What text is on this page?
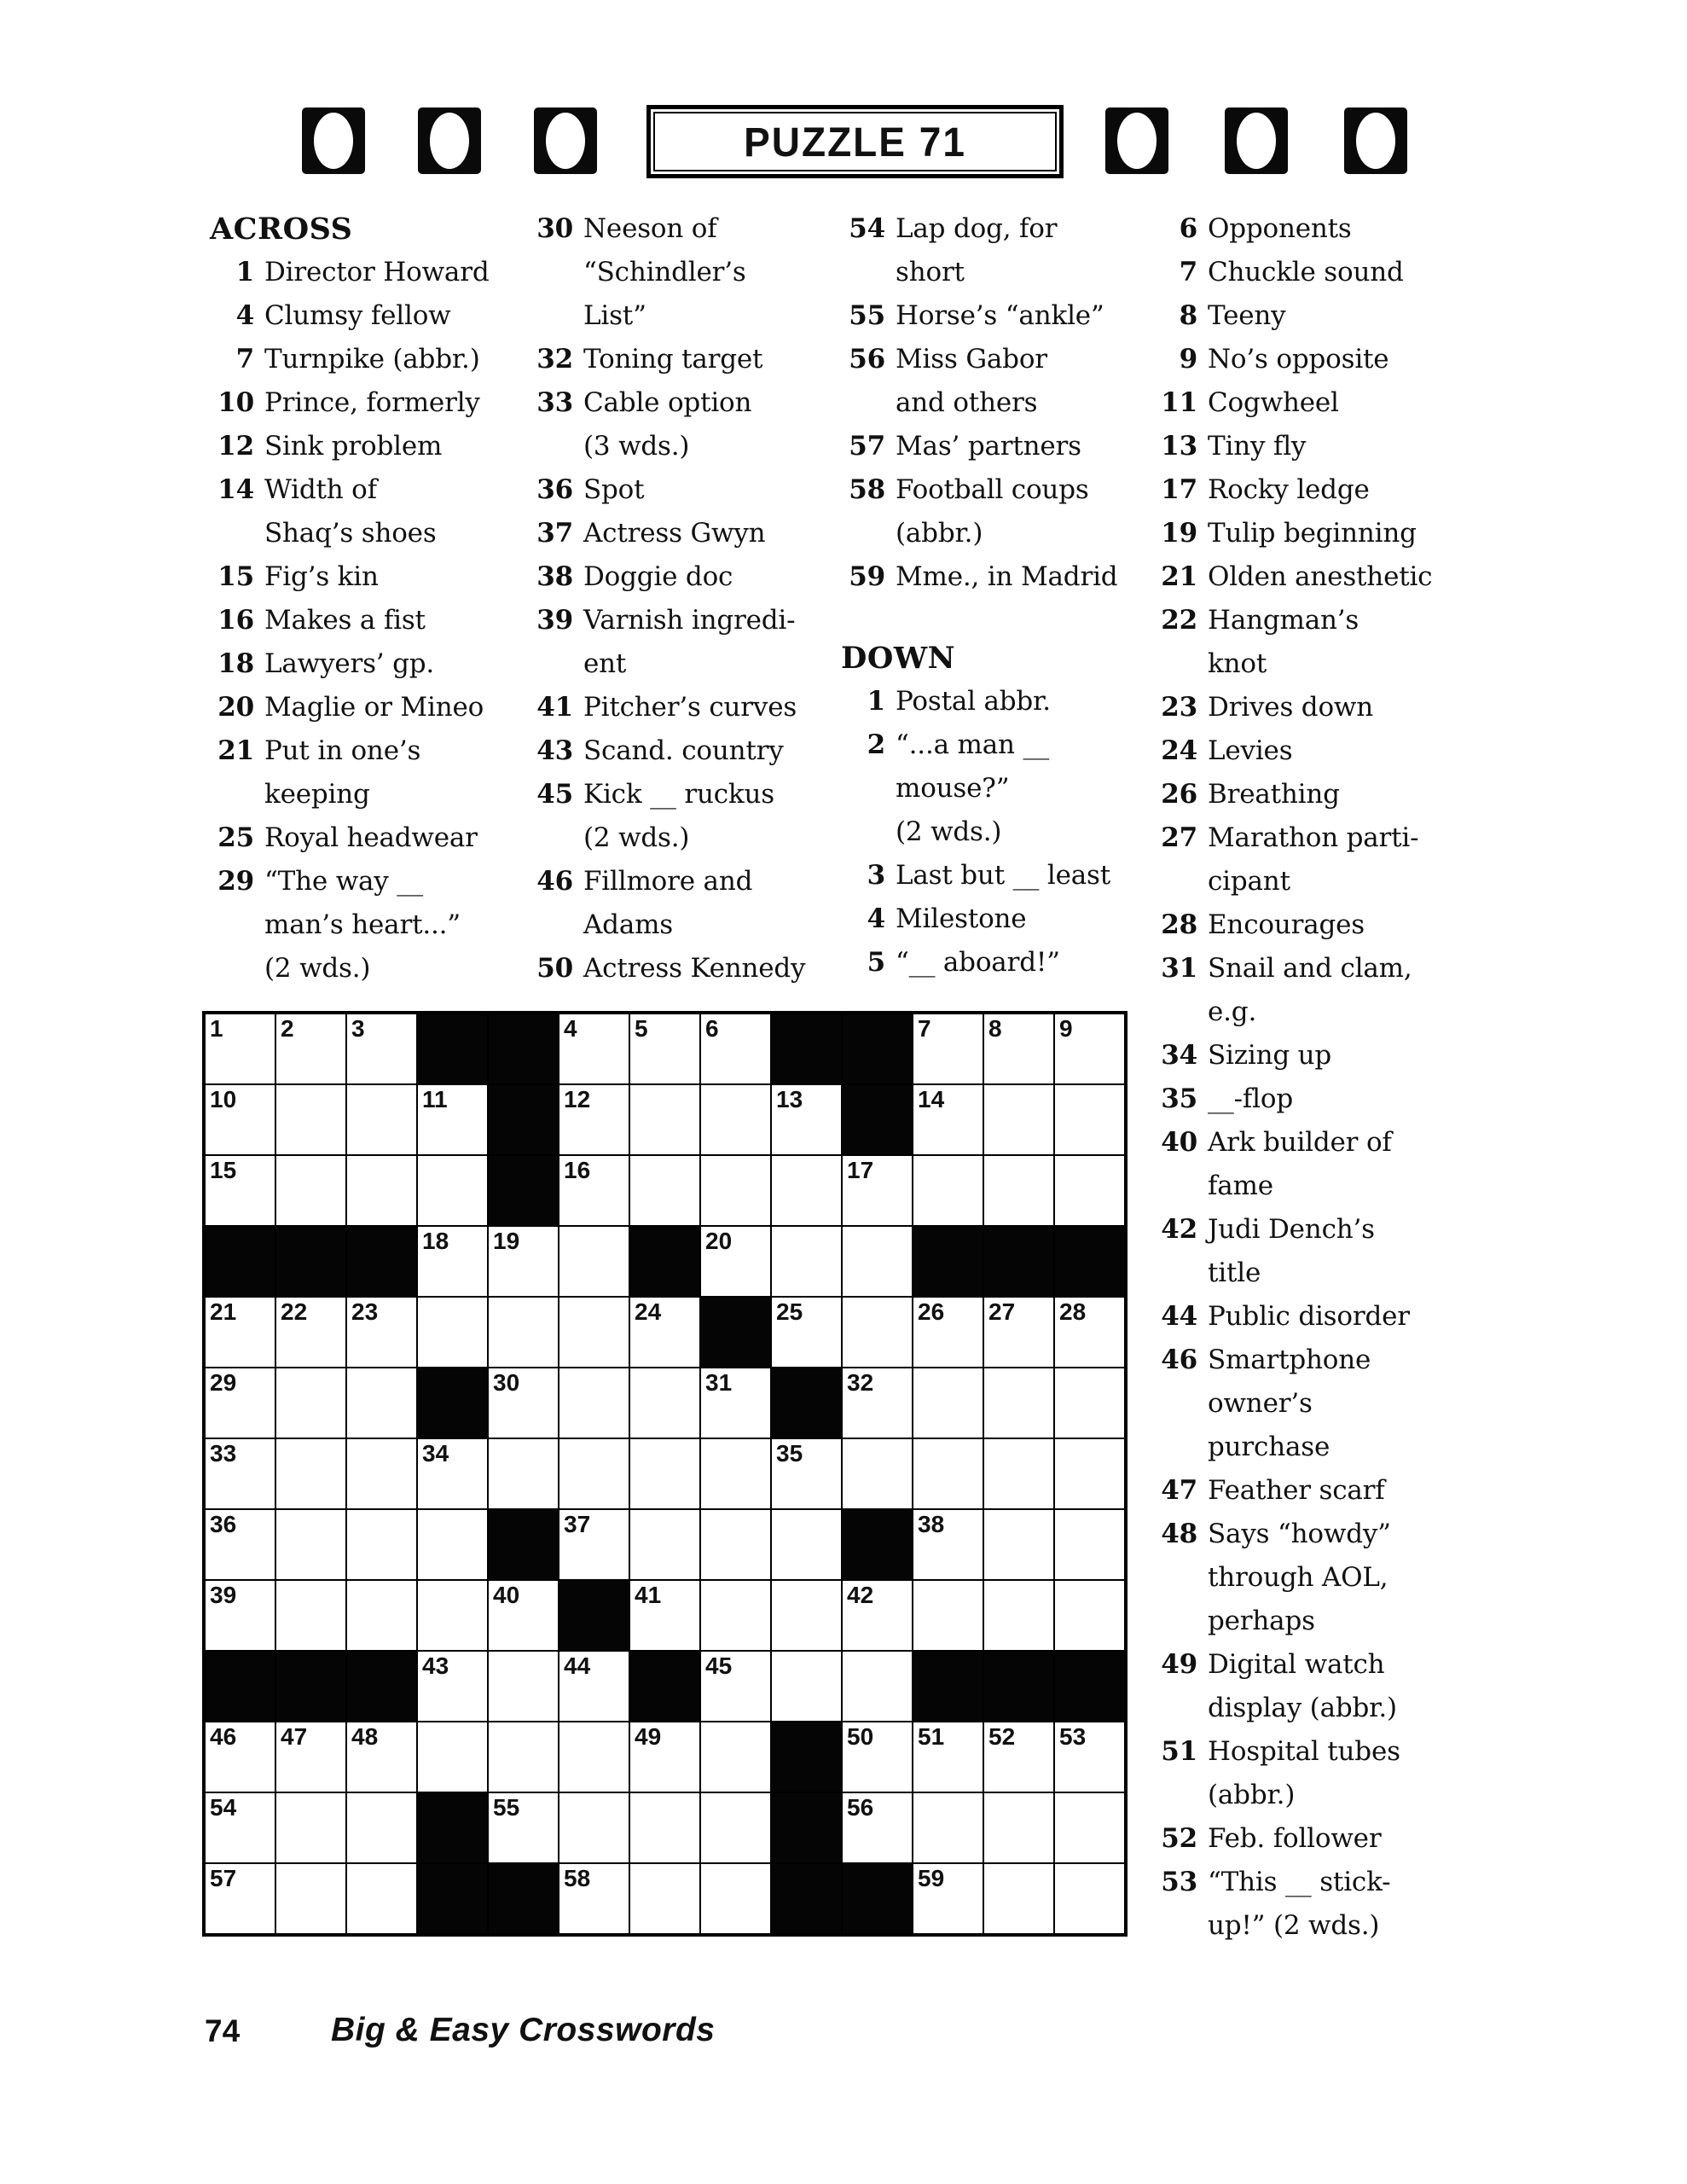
PUZZLE 71
ACROSS
1 Director Howard
4 Clumsy fellow
7 Turnpike (abbr.)
10 Prince, formerly
12 Sink problem
14 Width of
Shaq’s shoes
15 Fig’s kin
16 Makes a fist
18 Lawyers’ gp.
20 Maglie or Mineo
21 Put in one’s
keeping
25 Royal headwear
29 “The way __
man’s heart...”
(2 wds.)
30 Neeson of
“Schindler’s
List”
32 Toning target
33 Cable option
(3 wds.)
36 Spot
37 Actress Gwyn
38 Doggie doc
39 Varnish ingredi-
ent
41 Pitcher’s curves
43 Scand. country
45 Kick __ ruckus
(2 wds.)
46 Fillmore and
Adams
50 Actress Kennedy
54 Lap dog, for
short
55 Horse’s “ankle”
56 Miss Gabor
and others
57 Mas’ partners
58 Football coups
(abbr.)
59 Mme., in Madrid
DOWN
1 Postal abbr.
2 “...a man __
mouse?”
(2 wds.)
3 Last but __ least
4 Milestone
5 “__ aboard!”
6 Opponents
7 Chuckle sound
8 Teeny
9 No’s opposite
11 Cogwheel
13 Tiny fly
17 Rocky ledge
19 Tulip beginning
21 Olden anesthetic
22 Hangman’s
knot
23 Drives down
24 Levies
26 Breathing
27 Marathon parti-
cipant
28 Encourages
31 Snail and clam,
e.g.
34 Sizing up
35 __-flop
40 Ark builder of
fame
42 Judi Dench’s
title
44 Public disorder
46 Smartphone
owner’s
purchase
47 Feather scarf
48 Says “howdy”
through AOL,
perhaps
49 Digital watch
display (abbr.)
51 Hospital tubes
(abbr.)
52 Feb. follower
53 “This __ stick-
up!” (2 wds.)
1 2 3	4 5 6	7 8 9
10	11	12	13	14
15	16	17
18 19	20
21 22 23	24	25	26 27 28
29	30	31	32
33	34	35
36	37	38
39	40	41	42
43	44	45
46 47 48	49	50 51 52 53
54	55	56
57	58	59
74	Big & Easy Crosswords
